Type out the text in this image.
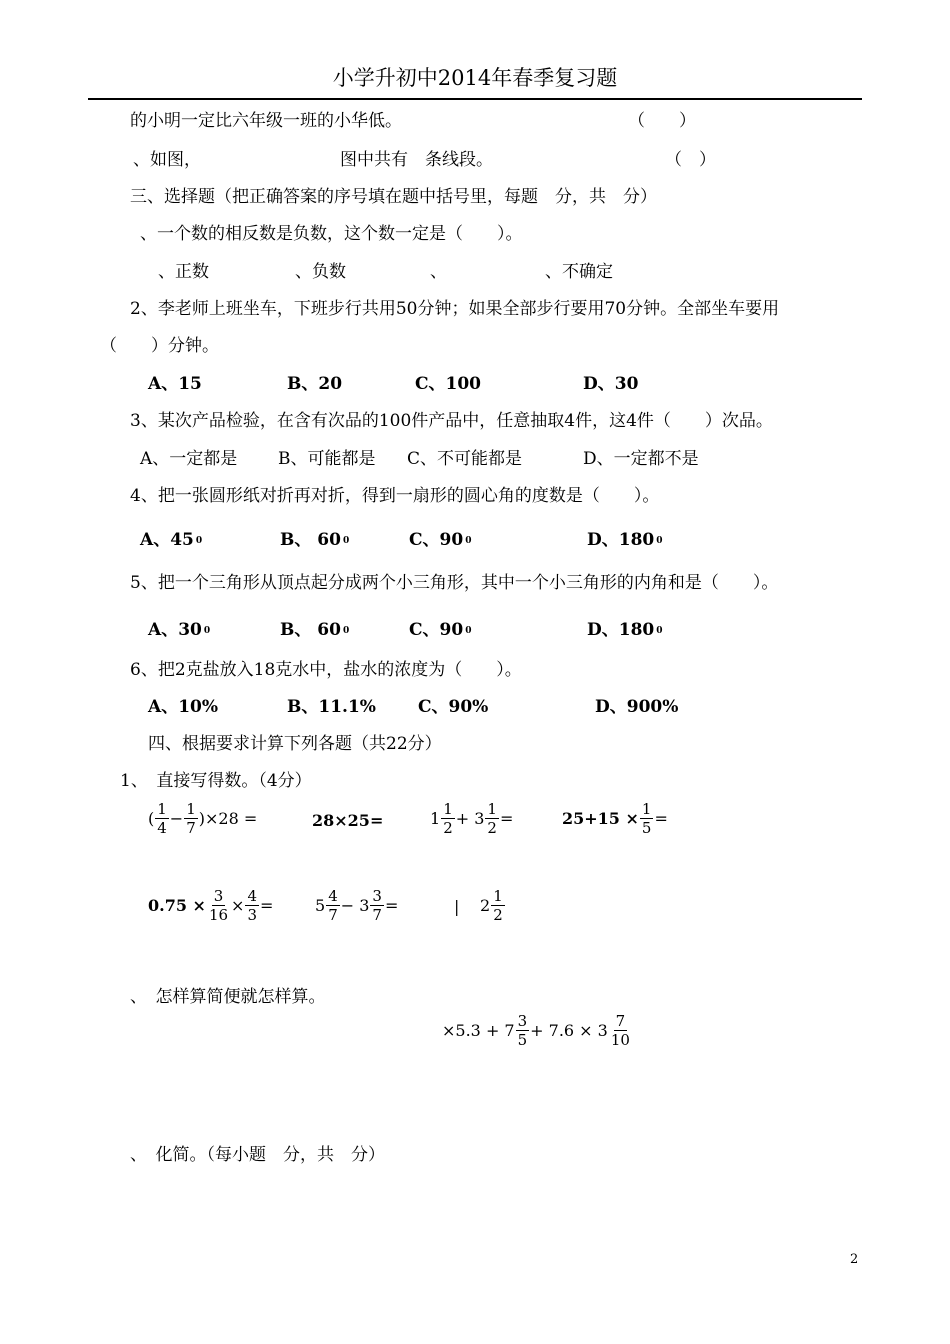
小学升初中2014年春季复习题
的小明一定比六年级一班的小华低。	（　　）
、如图，	图中共有　条线段。	（　）
三、选择题（把正确答案的序号填在题中括号里，每题　分，共　分）
、一个数的相反数是负数，这个数一定是（　　）。
、正数	、负数	、	、不确定
2、李老师上班坐车，下班步行共用50分钟；如果全部步行要用70分钟。全部坐车要用
（　　）分钟。
A、15	B、20	C、100	D、30
3、某次产品检验，在含有次品的100件产品中，任意抽取4件，这4件（　　）次品。
A、一定都是 B、可能都是 C、不可能都是	D、一定都不是
4、把一张圆形纸对折再对折，得到一扇形的圆心角的度数是（　　）。
A、45 0	B、 60 0	C、90 0	D、180 0
5、把一个三角形从顶点起分成两个小三角形，其中一个小三角形的内角和是（　　）。
A、30 0	B、 60 0	C、90 0	D、180 0
6、把2克盐放入18克水中，盐水的浓度为（　　）。
A、10%	B、11.1% C、90%	D、900%
四、根据要求计算下列各题（共22分）
1、　直接写得数。（4分）
( $\frac{1}{4} - \frac{1}{7} )\times 28$ =	28×25=	$1 \frac{1}{2} + 3 \frac{1}{2}$ =	$25+15 \times \frac{1}{5}$ =
$0.75 \times \frac{3}{16} \times \frac{4}{3}$ =	$5 \frac{4}{7} - 3 \frac{3}{7}$ =	| $2 \frac{1}{2}$
、　怎样算简便就怎样算。
$\times 5.3 + 7 \frac{3}{5} + 7.6 \times 3 \frac{7}{10}$
、　化简。（每小题　分，共　分）
2
